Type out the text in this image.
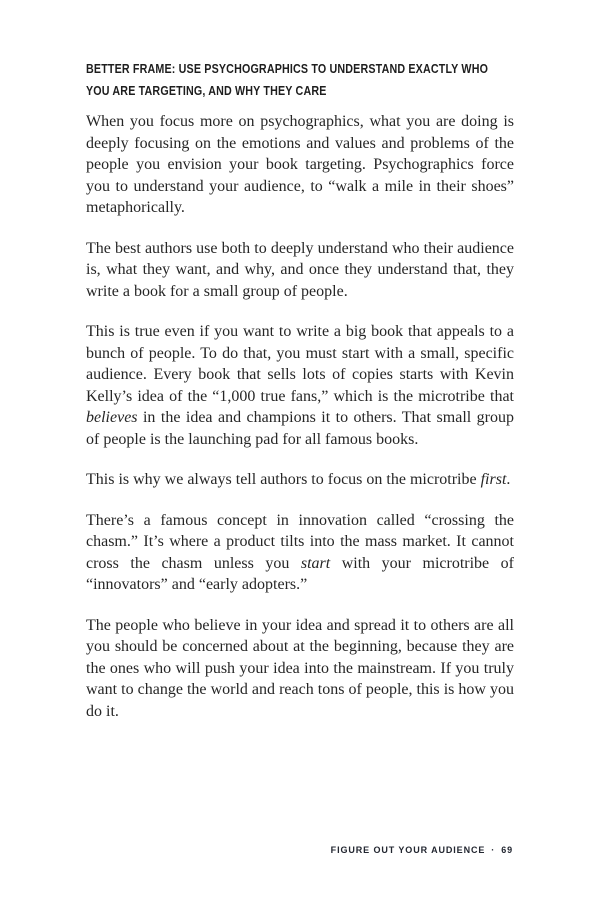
BETTER FRAME: USE PSYCHOGRAPHICS TO UNDERSTAND EXACTLY WHO YOU ARE TARGETING, AND WHY THEY CARE

When you focus more on psychographics, what you are doing is deeply focusing on the emotions and values and problems of the people you envision your book targeting. Psychographics force you to understand your audience, to “walk a mile in their shoes” metaphorically.

The best authors use both to deeply understand who their audience is, what they want, and why, and once they understand that, they write a book for a small group of people.

This is true even if you want to write a big book that appeals to a bunch of people. To do that, you must start with a small, specific audience. Every book that sells lots of copies starts with Kevin Kelly’s idea of the “1,000 true fans,” which is the microtribe that believes in the idea and champions it to others. That small group of people is the launching pad for all famous books.

This is why we always tell authors to focus on the microtribe first.

There’s a famous concept in innovation called “crossing the chasm.” It’s where a product tilts into the mass market. It cannot cross the chasm unless you start with your microtribe of “innovators” and “early adopters.”

The people who believe in your idea and spread it to others are all you should be concerned about at the beginning, because they are the ones who will push your idea into the mainstream. If you truly want to change the world and reach tons of people, this is how you do it.

FIGURE OUT YOUR AUDIENCE · 69
